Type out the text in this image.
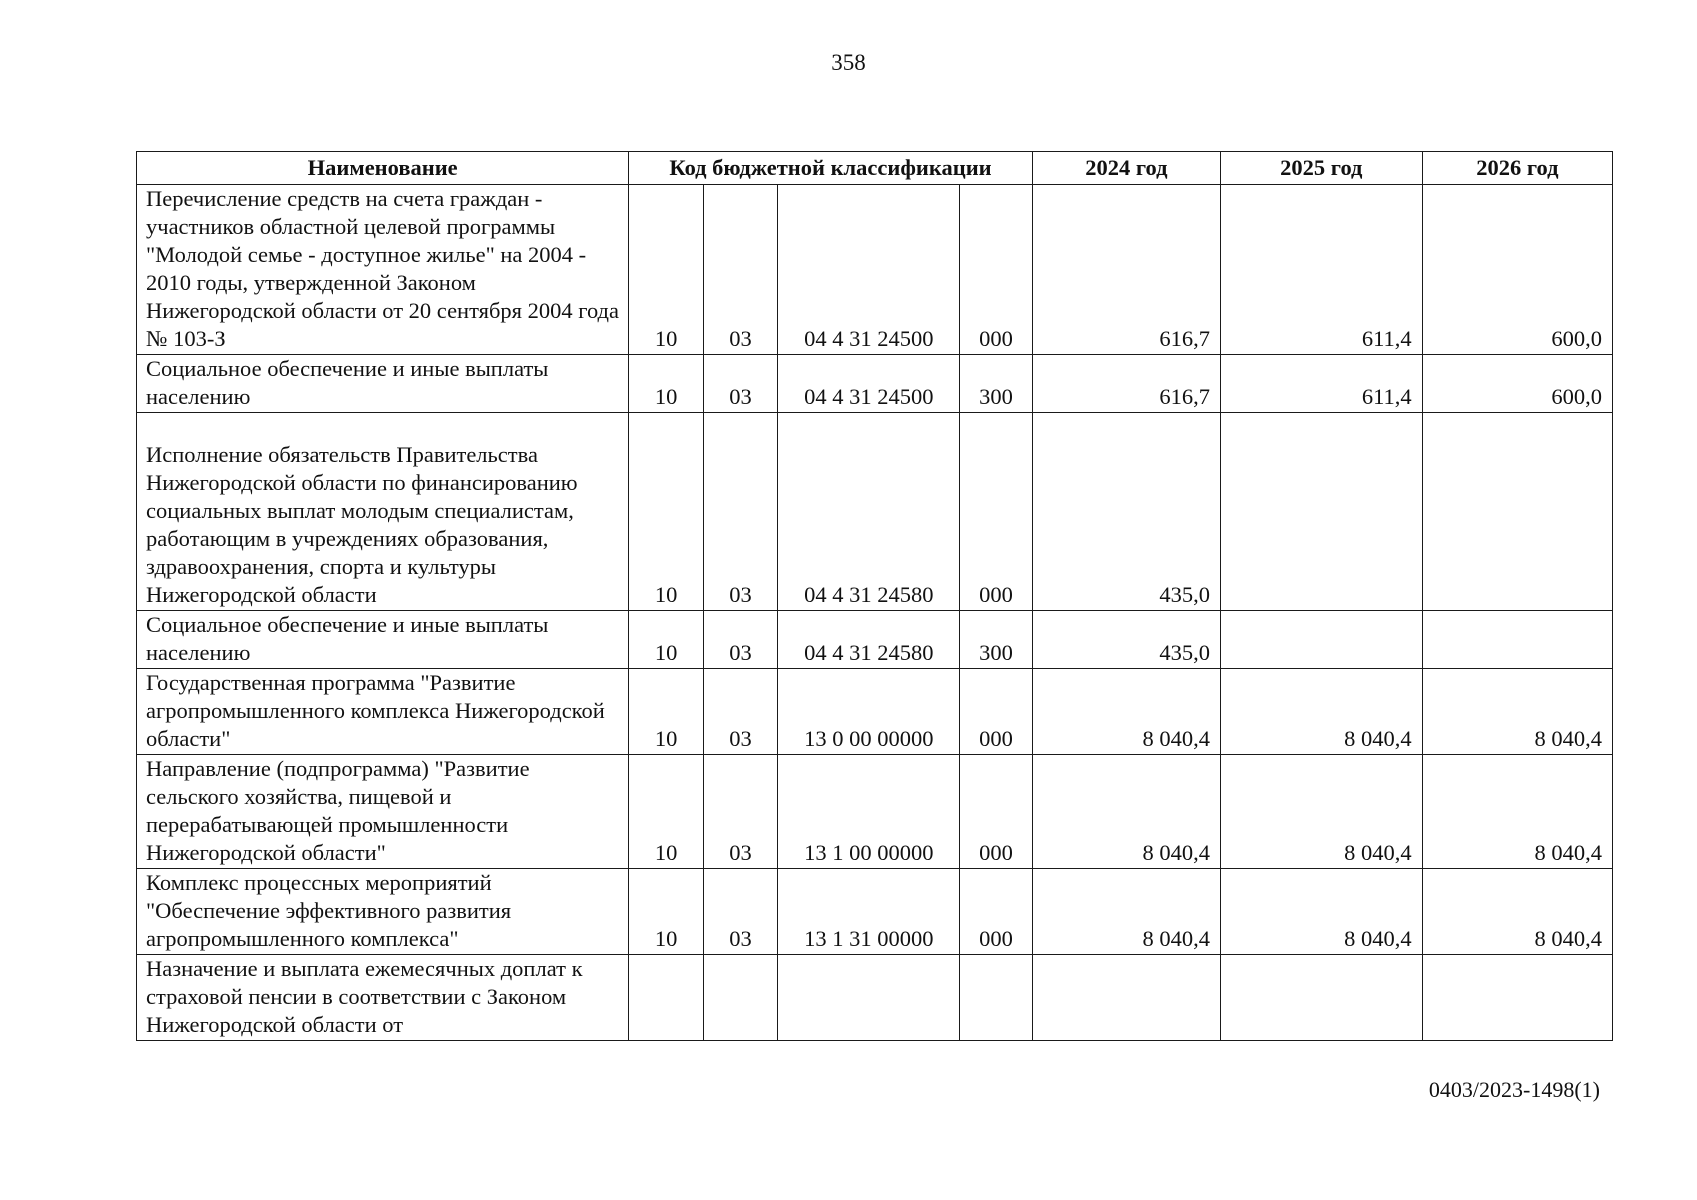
358
Наименование	Код бюджетной классификации				2024 год	2025 год	2026 год
Перечисление средств на счета граждан - участников областной целевой программы "Молодой семье - доступное жилье" на 2004 - 2010 годы, утвержденной Законом Нижегородской области от 20 сентября 2004 года № 103-З	10	03	04 4 31 24500	000	616,7	611,4	600,0
Социальное обеспечение и иные выплаты населению	10	03	04 4 31 24500	300	616,7	611,4	600,0
Исполнение обязательств Правительства Нижегородской области по финансированию социальных выплат молодым специалистам, работающим в учреждениях образования, здравоохранения, спорта и культуры Нижегородской области	10	03	04 4 31 24580	000	435,0		
Социальное обеспечение и иные выплаты населению	10	03	04 4 31 24580	300	435,0		
Государственная программа "Развитие агропромышленного комплекса Нижегородской области"	10	03	13 0 00 00000	000	8 040,4	8 040,4	8 040,4
Направление (подпрограмма) "Развитие сельского хозяйства, пищевой и перерабатывающей промышленности Нижегородской области"	10	03	13 1 00 00000	000	8 040,4	8 040,4	8 040,4
Комплекс процессных мероприятий "Обеспечение эффективного развития агропромышленного комплекса"	10	03	13 1 31 00000	000	8 040,4	8 040,4	8 040,4
Назначение и выплата ежемесячных доплат к страховой пенсии в соответствии с Законом Нижегородской области от							
0403/2023-1498(1)
